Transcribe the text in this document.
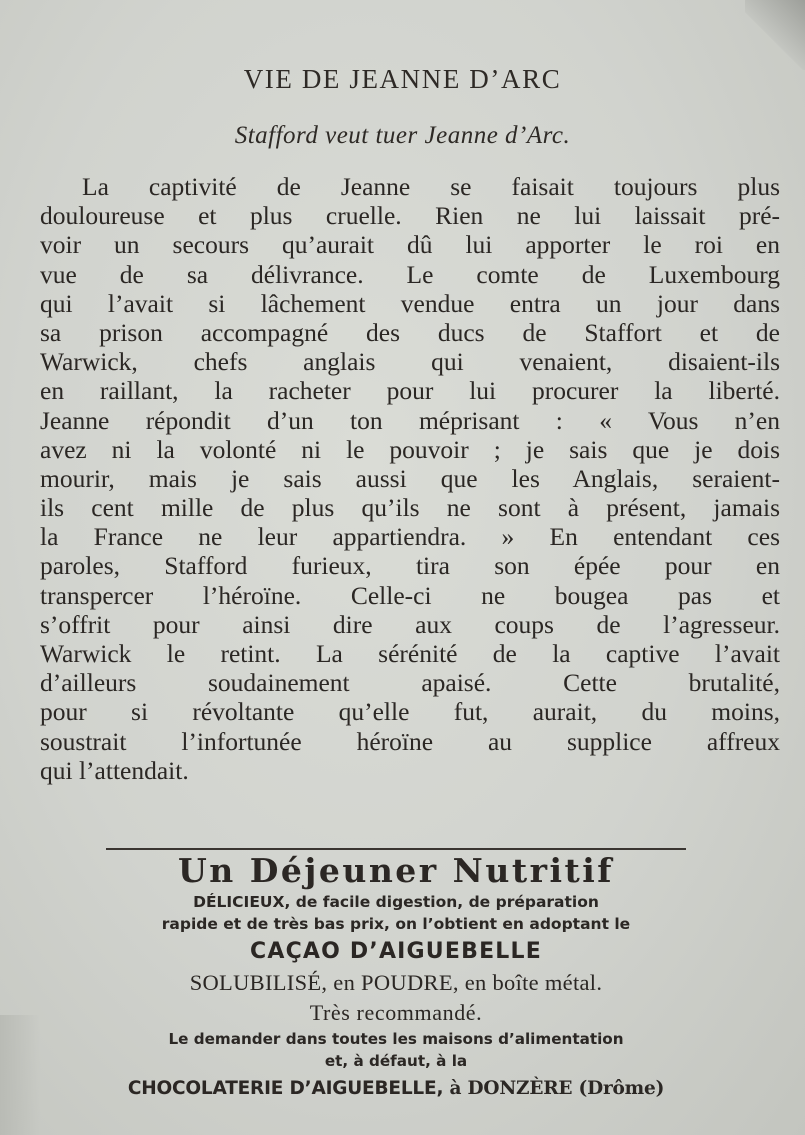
VIE DE JEANNE D’ARC
Stafford veut tuer Jeanne d’Arc.
La captivité de Jeanne se faisait toujours plus
douloureuse et plus cruelle. Rien ne lui laissait pré-
voir un secours qu’aurait dû lui apporter le roi en
vue de sa délivrance. Le comte de Luxembourg
qui l’avait si lâchement vendue entra un jour dans
sa prison accompagné des ducs de Staffort et de
Warwick, chefs anglais qui venaient, disaient-ils
en raillant, la racheter pour lui procurer la liberté.
Jeanne répondit d’un ton méprisant : « Vous n’en
avez ni la volonté ni le pouvoir ; je sais que je dois
mourir, mais je sais aussi que les Anglais, seraient-
ils cent mille de plus qu’ils ne sont à présent, jamais
la France ne leur appartiendra. » En entendant ces
paroles, Stafford furieux, tira son épée pour en
transpercer l’héroïne. Celle-ci ne bougea pas et
s’offrit pour ainsi dire aux coups de l’agresseur.
Warwick le retint. La sérénité de la captive l’avait
d’ailleurs soudainement apaisé. Cette brutalité,
pour si révoltante qu’elle fut, aurait, du moins,
soustrait l’infortunée héroïne au supplice affreux
qui l’attendait.
Un Déjeuner Nutritif
DÉLICIEUX, de facile digestion, de préparation
rapide et de très bas prix, on l’obtient en adoptant le
CAÇAO D’AIGUEBELLE
SOLUBILISÉ, en POUDRE, en boîte métal.
Très recommandé.
Le demander dans toutes les maisons d’alimentation
et, à défaut, à la
CHOCOLATERIE D’AIGUEBELLE, à DONZÈRE (Drôme)
